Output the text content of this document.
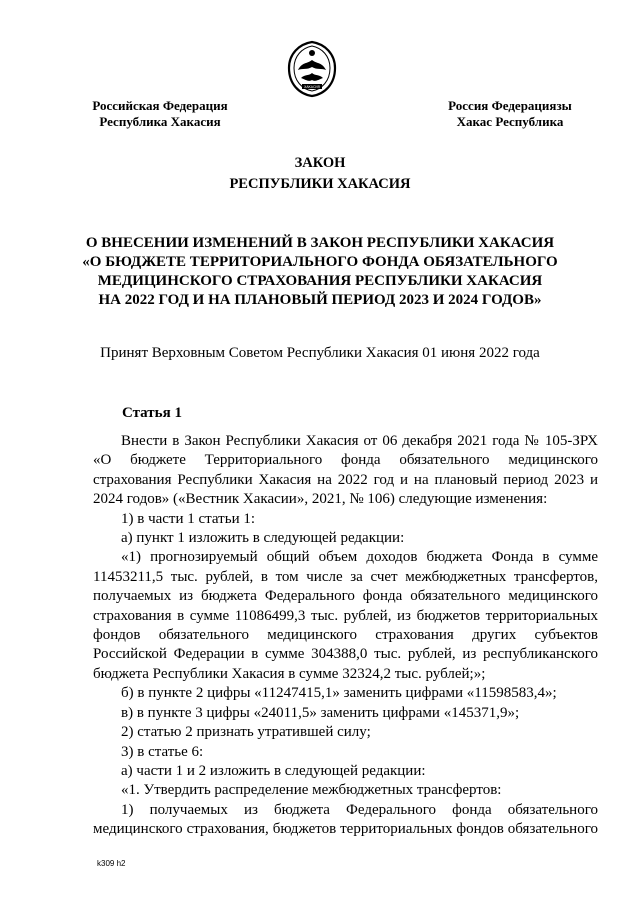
ХАКАСИЯ
Российская Федерация
Республика Хакасия
Россия Федерациязы
Хакас Республика
ЗАКОН
РЕСПУБЛИКИ ХАКАСИЯ
О ВНЕСЕНИИ ИЗМЕНЕНИЙ В ЗАКОН РЕСПУБЛИКИ ХАКАСИЯ
«О БЮДЖЕТЕ ТЕРРИТОРИАЛЬНОГО ФОНДА ОБЯЗАТЕЛЬНОГО
МЕДИЦИНСКОГО СТРАХОВАНИЯ РЕСПУБЛИКИ ХАКАСИЯ
НА 2022 ГОД И НА ПЛАНОВЫЙ ПЕРИОД 2023 И 2024 ГОДОВ»
Принят Верховным Советом Республики Хакасия 01 июня 2022 года
Статья 1

Внести в Закон Республики Хакасия от 06 декабря 2021 года № 105-ЗРХ «О бюджете Территориального фонда обязательного медицинского страхования Республики Хакасия на 2022 год и на плановый период 2023 и 2024 годов» («Вестник Хакасии», 2021, № 106) следующие изменения:

1) в части 1 статьи 1:

а) пункт 1 изложить в следующей редакции:

«1) прогнозируемый общий объем доходов бюджета Фонда в сумме 11453211,5 тыс. рублей, в том числе за счет межбюджетных трансфертов, получаемых из бюджета Федерального фонда обязательного медицинского страхования в сумме 11086499,3 тыс. рублей, из бюджетов территориальных фондов обязательного медицинского страхования других субъектов Российской Федерации в сумме 304388,0 тыс. рублей, из республиканского бюджета Республики Хакасия в сумме 32324,2 тыс. рублей;»;

б) в пункте 2 цифры «11247415,1» заменить цифрами «11598583,4»;

в) в пункте 3 цифры «24011,5» заменить цифрами «145371,9»;

2) статью 2 признать утратившей силу;

3) в статье 6:

а) части 1 и 2 изложить в следующей редакции:

«1. Утвердить распределение межбюджетных трансфертов:

1) получаемых из бюджета Федерального фонда обязательного медицинского страхования, бюджетов территориальных фондов обязательного

k309 h2
